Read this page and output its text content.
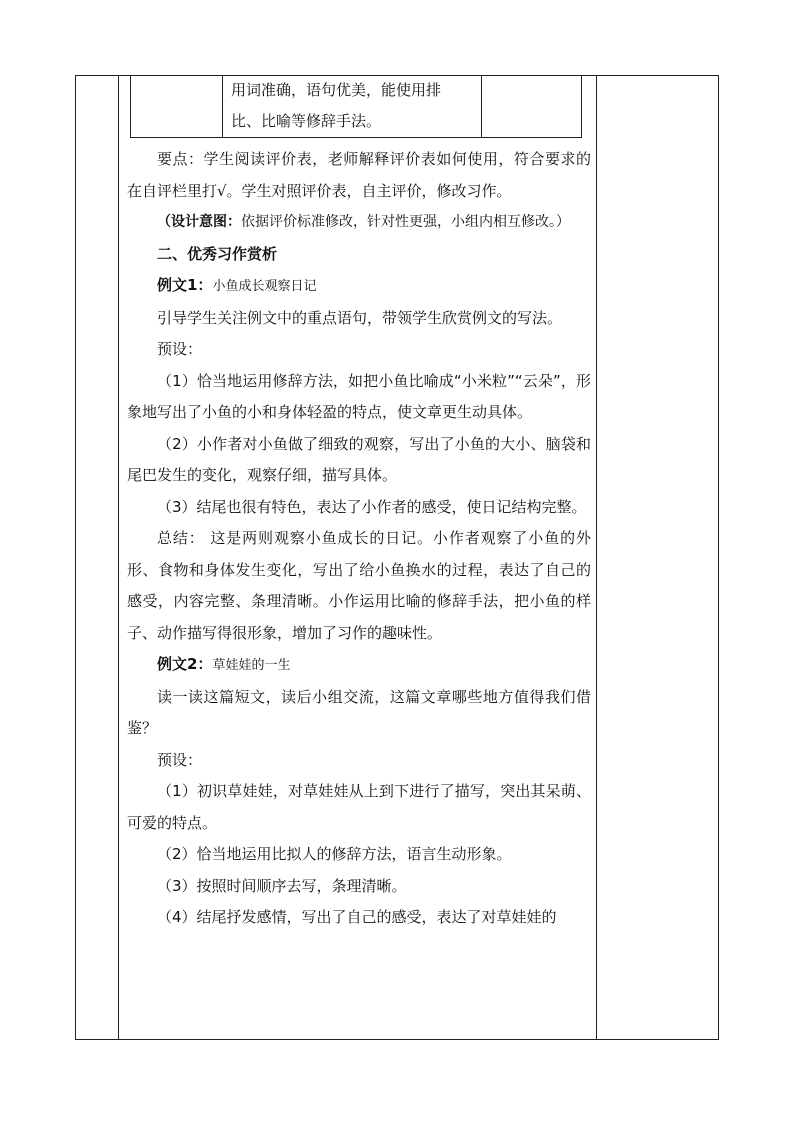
用词准确，语句优美，能使用排
比、比喻等修辞手法。

要点：学生阅读评价表，老师解释评价表如何使用，符合要求的在自评栏里打√。学生对照评价表，自主评价，修改习作。

（设计意图：依据评价标准修改，针对性更强，小组内相互修改。）

二、优秀习作赏析

例文1：小鱼成长观察日记

引导学生关注例文中的重点语句，带领学生欣赏例文的写法。

预设：

（1）恰当地运用修辞方法，如把小鱼比喻成“小米粒”“云朵”，形象地写出了小鱼的小和身体轻盈的特点，使文章更生动具体。

（2）小作者对小鱼做了细致的观察，写出了小鱼的大小、脑袋和尾巴发生的变化，观察仔细，描写具体。

（3）结尾也很有特色，表达了小作者的感受，使日记结构完整。

总结： 这是两则观察小鱼成长的日记。小作者观察了小鱼的外形、食物和身体发生变化，写出了给小鱼换水的过程，表达了自己的感受，内容完整、条理清晰。小作运用比喻的修辞手法，把小鱼的样子、动作描写得很形象，增加了习作的趣味性。

例文2：草娃娃的一生

读一读这篇短文，读后小组交流，这篇文章哪些地方值得我们借鉴？

预设：

（1）初识草娃娃，对草娃娃从上到下进行了描写，突出其呆萌、可爱的特点。

（2）恰当地运用比拟人的修辞方法，语言生动形象。

（3）按照时间顺序去写，条理清晰。

（4）结尾抒发感情，写出了自己的感受，表达了对草娃娃的
